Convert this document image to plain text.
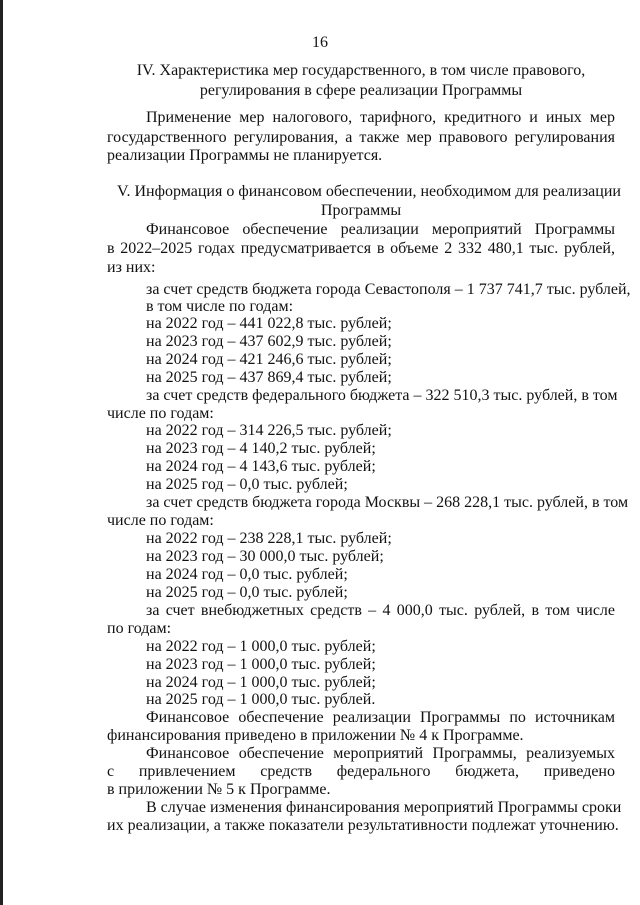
16
IV. Характеристика мер государственного, в том числе правового,
регулирования в сфере реализации Программы
Применение мер налогового, тарифного, кредитного и иных мер
государственного регулирования, а также мер правового регулирования
реализации Программы не планируется.
V. Информация о финансовом обеспечении, необходимом для реализации
Программы
Финансовое обеспечение реализации мероприятий Программы
в 2022–2025 годах предусматривается в объеме 2 332 480,1 тыс. рублей,
из них:
за счет средств бюджета города Севастополя – 1 737 741,7 тыс. рублей,
в том числе по годам:
на 2022 год – 441 022,8 тыс. рублей;
на 2023 год – 437 602,9 тыс. рублей;
на 2024 год – 421 246,6 тыс. рублей;
на 2025 год – 437 869,4 тыс. рублей;
за счет средств федерального бюджета – 322 510,3 тыс. рублей, в том
числе по годам:
на 2022 год – 314 226,5 тыс. рублей;
на 2023 год – 4 140,2 тыс. рублей;
на 2024 год – 4 143,6 тыс. рублей;
на 2025 год – 0,0 тыс. рублей;
за счет средств бюджета города Москвы – 268 228,1 тыс. рублей, в том
числе по годам:
на 2022 год – 238 228,1 тыс. рублей;
на 2023 год – 30 000,0 тыс. рублей;
на 2024 год – 0,0 тыс. рублей;
на 2025 год – 0,0 тыс. рублей;
за счет внебюджетных средств – 4 000,0 тыс. рублей, в том числе
по годам:
на 2022 год – 1 000,0 тыс. рублей;
на 2023 год – 1 000,0 тыс. рублей;
на 2024 год – 1 000,0 тыс. рублей;
на 2025 год – 1 000,0 тыс. рублей.
Финансовое обеспечение реализации Программы по источникам
финансирования приведено в приложении № 4 к Программе.
Финансовое обеспечение мероприятий Программы, реализуемых
с привлечением средств федерального бюджета, приведено
в приложении № 5 к Программе.
В случае изменения финансирования мероприятий Программы сроки
их реализации, а также показатели результативности подлежат уточнению.
